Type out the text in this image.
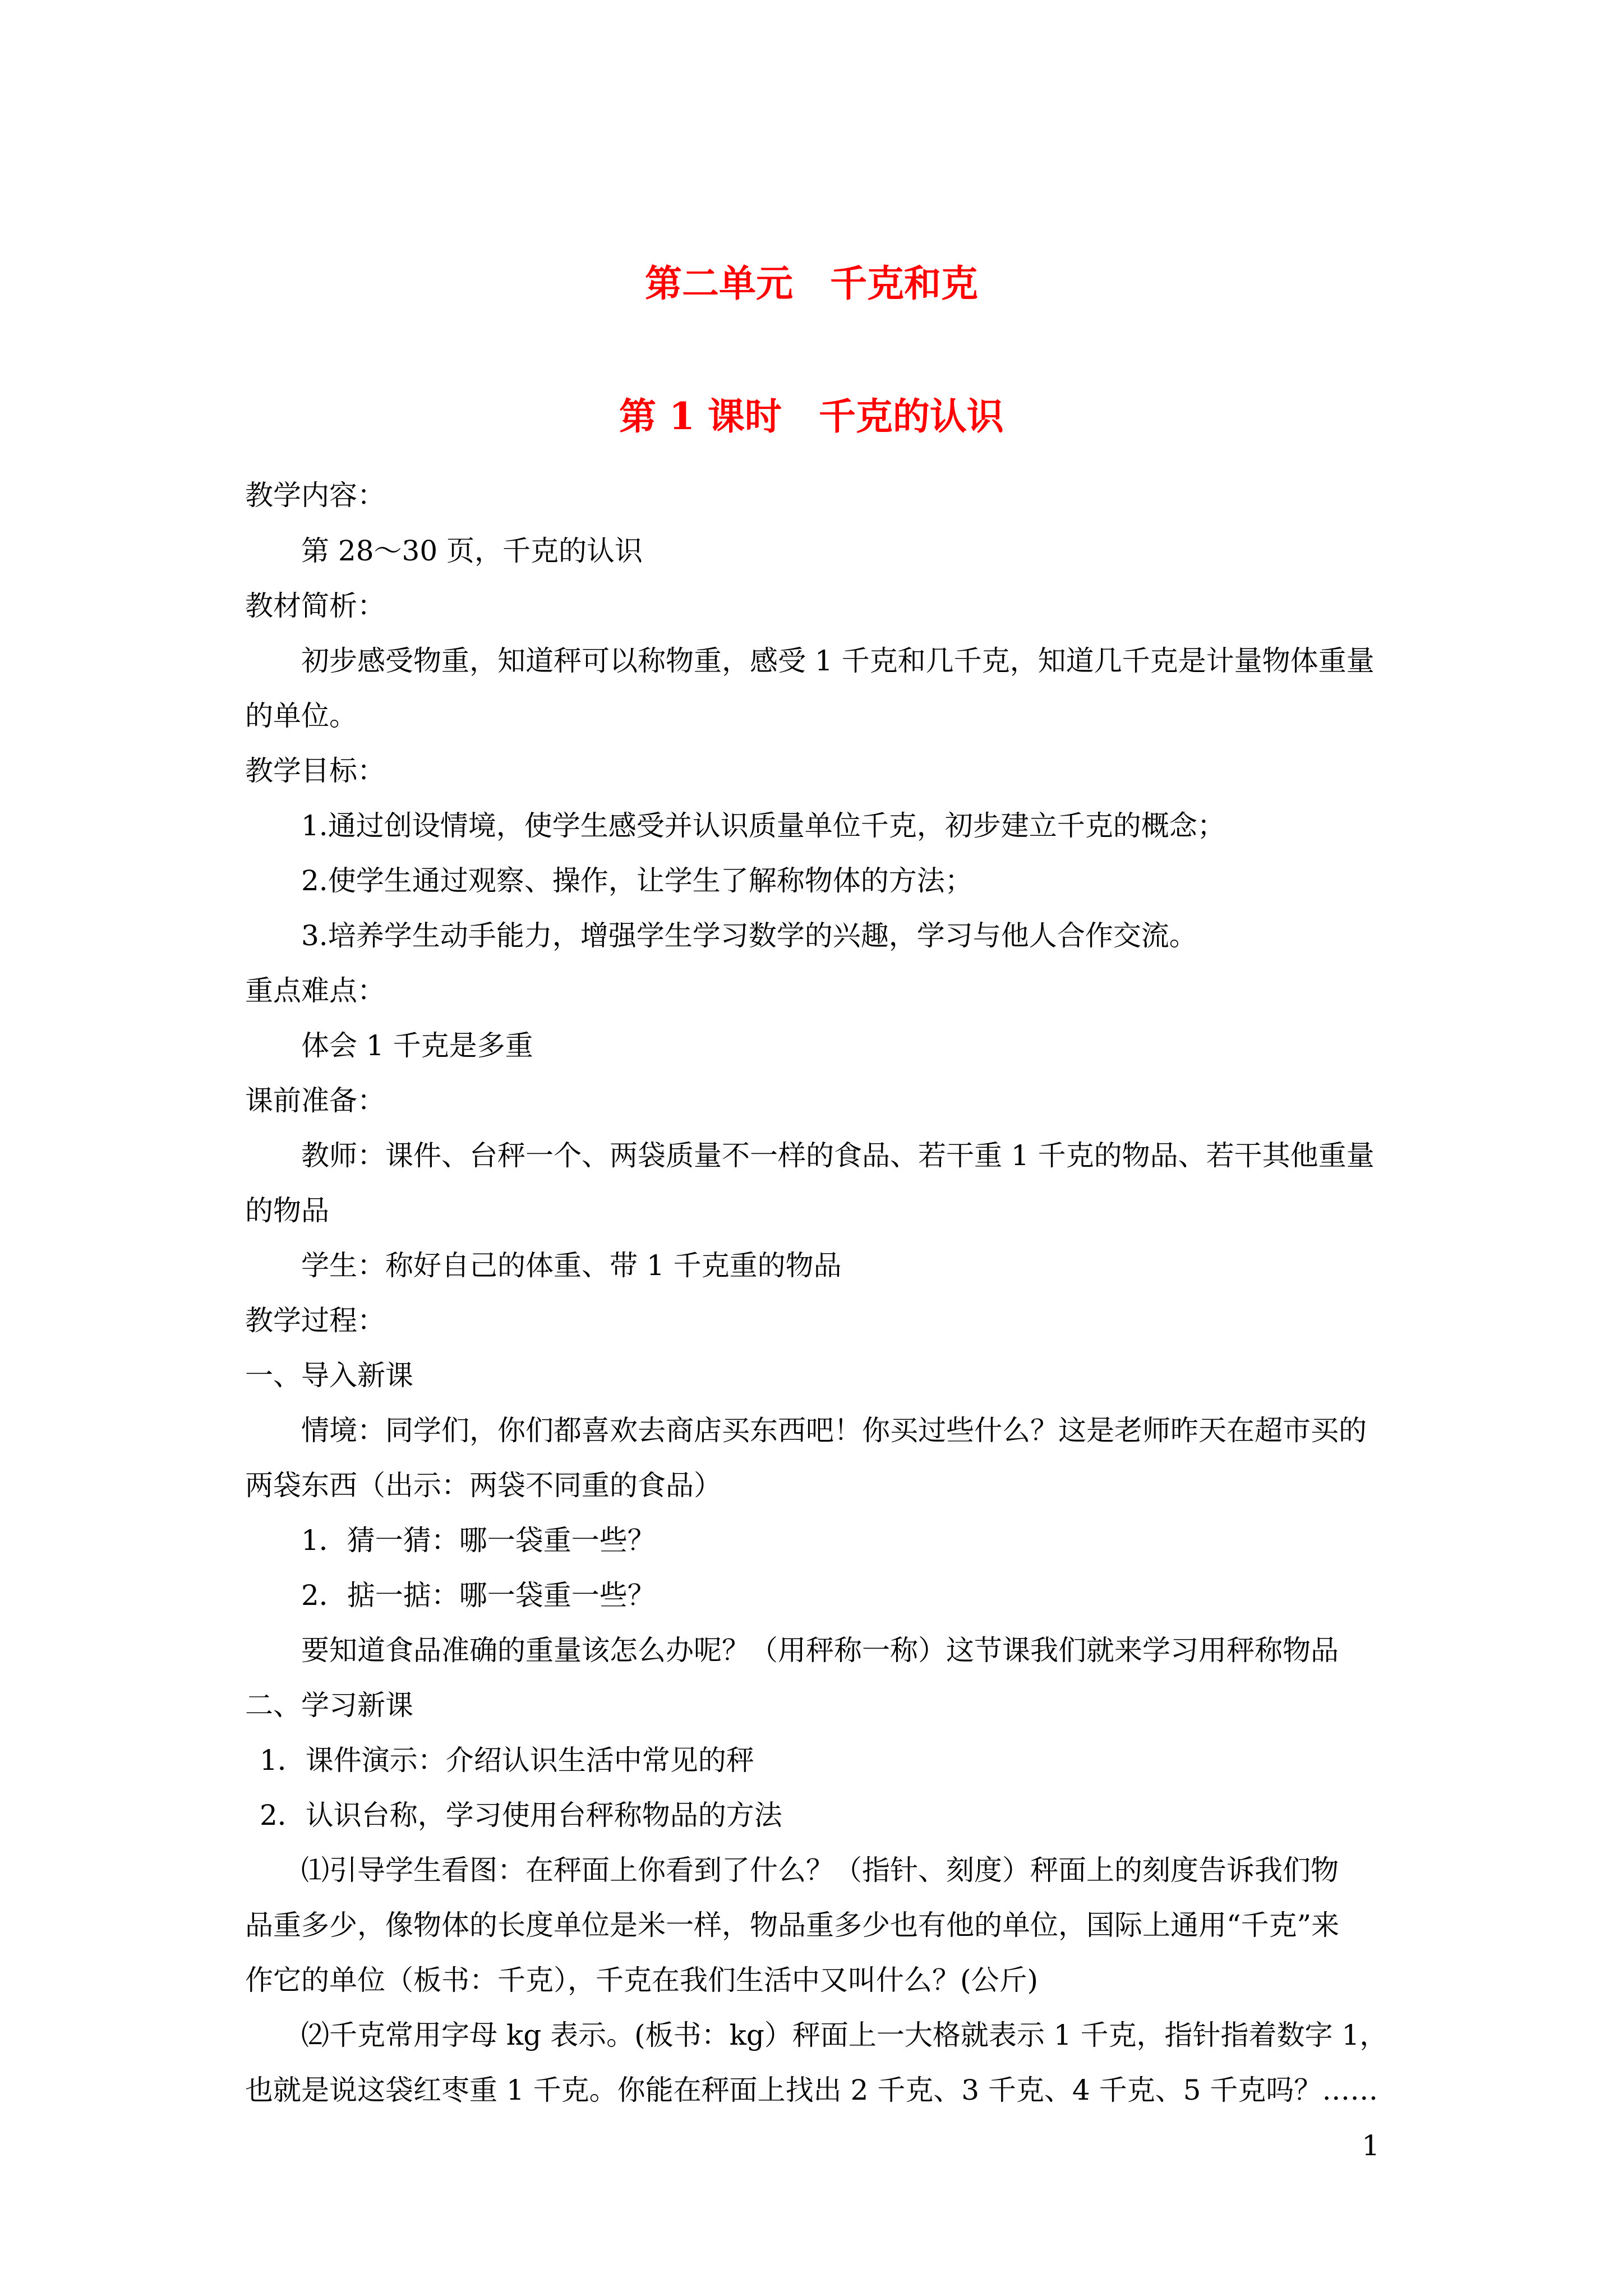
第二单元　千克和克
第 1 课时　千克的认识
教学内容：
第 28～30 页，千克的认识
教材简析：
初步感受物重，知道秤可以称物重，感受 1 千克和几千克，知道几千克是计量物体重量
的单位。
教学目标：
1.通过创设情境，使学生感受并认识质量单位千克，初步建立千克的概念；
2.使学生通过观察、操作，让学生了解称物体的方法；
3.培养学生动手能力，增强学生学习数学的兴趣，学习与他人合作交流。
重点难点：
体会 1 千克是多重
课前准备：
教师：课件、台秤一个、两袋质量不一样的食品、若干重 1 千克的物品、若干其他重量
的物品
学生：称好自己的体重、带 1 千克重的物品
教学过程：
一、导入新课
情境：同学们，你们都喜欢去商店买东西吧！你买过些什么？这是老师昨天在超市买的
两袋东西（出示：两袋不同重的食品）
1．猜一猜：哪一袋重一些？
2．掂一掂：哪一袋重一些？
要知道食品准确的重量该怎么办呢？（用秤称一称）这节课我们就来学习用秤称物品
二、学习新课
1．课件演示：介绍认识生活中常见的秤
2．认识台称，学习使用台秤称物品的方法
⑴引导学生看图：在秤面上你看到了什么？（指针、刻度）秤面上的刻度告诉我们物
品重多少，像物体的长度单位是米一样，物品重多少也有他的单位，国际上通用“千克”来
作它的单位（板书：千克），千克在我们生活中又叫什么？(公斤)
⑵千克常用字母 kg 表示。(板书：kg）秤面上一大格就表示 1 千克，指针指着数字 1，
也就是说这袋红枣重 1 千克。你能在秤面上找出 2 千克、3 千克、4 千克、5 千克吗？……
1
